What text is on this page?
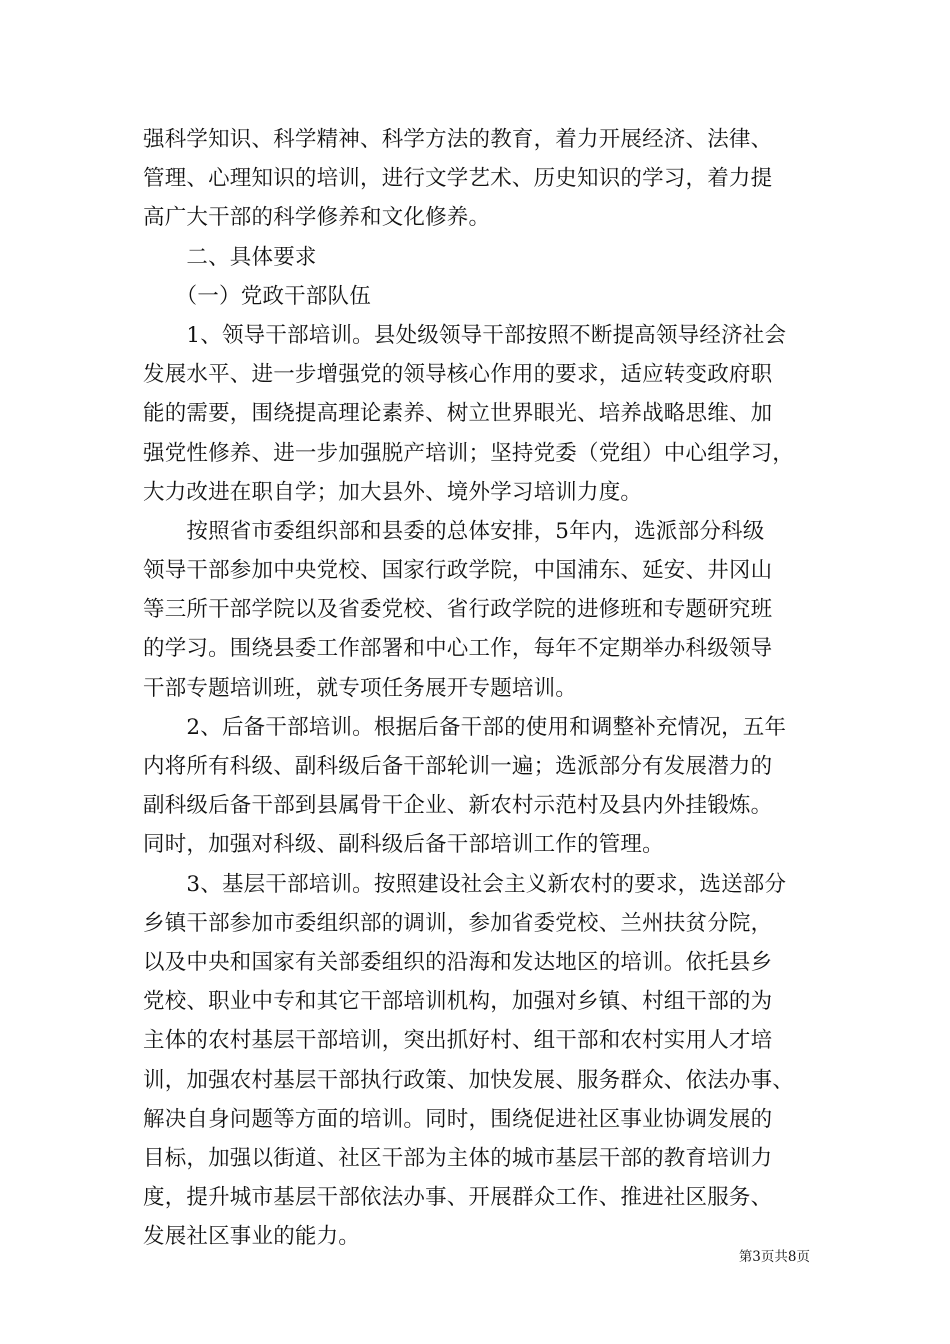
强科学知识、科学精神、科学方法的教育，着力开展经济、法律、
管理、心理知识的培训，进行文学艺术、历史知识的学习，着力提
高广大干部的科学修养和文化修养。
　　二、具体要求
　　（一）党政干部队伍
　　1、领导干部培训。县处级领导干部按照不断提高领导经济社会
发展水平、进一步增强党的领导核心作用的要求，适应转变政府职
能的需要，围绕提高理论素养、树立世界眼光、培养战略思维、加
强党性修养、进一步加强脱产培训；坚持党委（党组）中心组学习，
大力改进在职自学；加大县外、境外学习培训力度。
　　按照省市委组织部和县委的总体安排，5年内，选派部分科级
领导干部参加中央党校、国家行政学院，中国浦东、延安、井冈山
等三所干部学院以及省委党校、省行政学院的进修班和专题研究班
的学习。围绕县委工作部署和中心工作，每年不定期举办科级领导
干部专题培训班，就专项任务展开专题培训。
　　2、后备干部培训。根据后备干部的使用和调整补充情况，五年
内将所有科级、副科级后备干部轮训一遍；选派部分有发展潜力的
副科级后备干部到县属骨干企业、新农村示范村及县内外挂锻炼。
同时，加强对科级、副科级后备干部培训工作的管理。
　　3、基层干部培训。按照建设社会主义新农村的要求，选送部分
乡镇干部参加市委组织部的调训，参加省委党校、兰州扶贫分院，
以及中央和国家有关部委组织的沿海和发达地区的培训。依托县乡
党校、职业中专和其它干部培训机构，加强对乡镇、村组干部的为
主体的农村基层干部培训，突出抓好村、组干部和农村实用人才培
训，加强农村基层干部执行政策、加快发展、服务群众、依法办事、
解决自身问题等方面的培训。同时，围绕促进社区事业协调发展的
目标，加强以街道、社区干部为主体的城市基层干部的教育培训力
度，提升城市基层干部依法办事、开展群众工作、推进社区服务、
发展社区事业的能力。
第3页共8页
